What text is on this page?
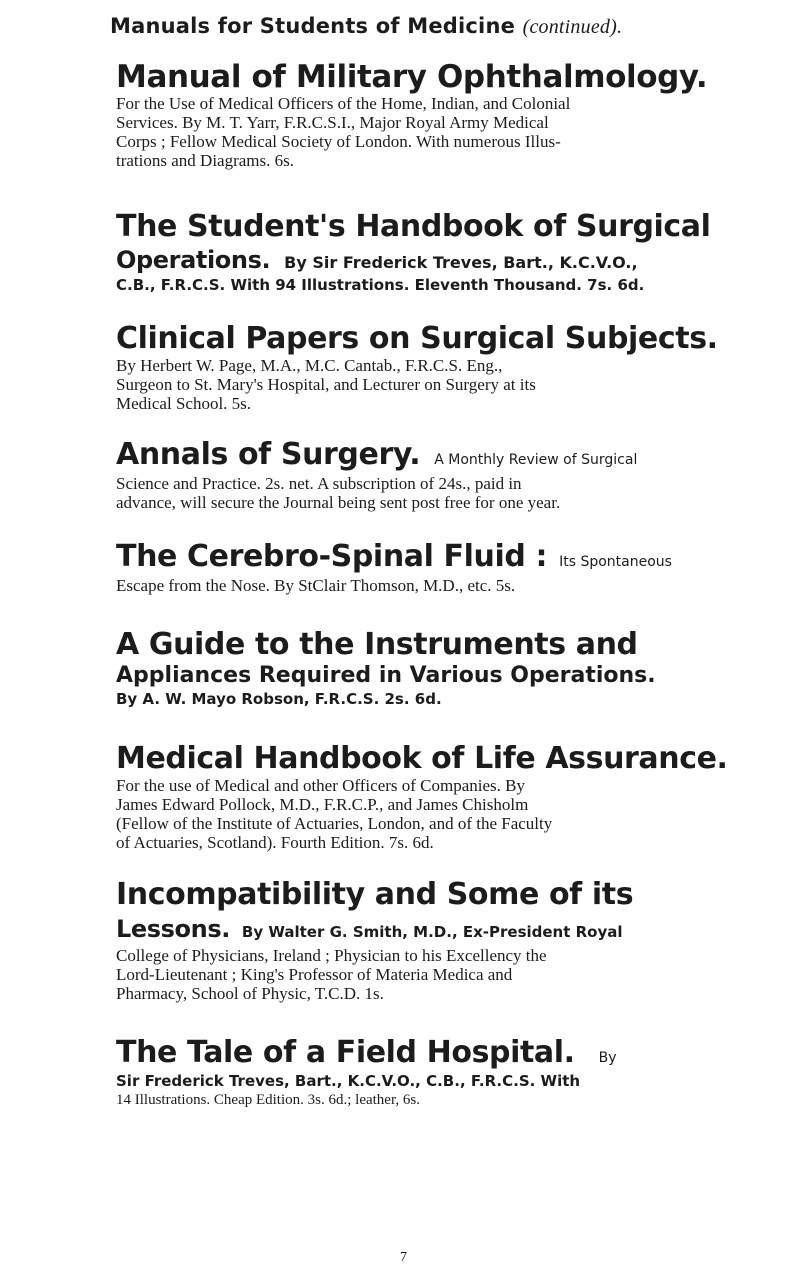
Manuals for Students of Medicine (continued).

Manual of Military Ophthalmology.

For the Use of Medical Officers of the Home, Indian, and Colonial

Services. By M. T. Yarr, F.R.C.S.I., Major Royal Army Medical

Corps ; Fellow Medical Society of London. With numerous Illus-

trations and Diagrams. 6s.

The Student's Handbook of Surgical

Operations. By Sir Frederick Treves, Bart., K.C.V.O.,

C.B., F.R.C.S. With 94 Illustrations. Eleventh Thousand. 7s. 6d.

Clinical Papers on Surgical Subjects.

By Herbert W. Page, M.A., M.C. Cantab., F.R.C.S. Eng.,

Surgeon to St. Mary's Hospital, and Lecturer on Surgery at its

Medical School. 5s.

Annals of Surgery. A Monthly Review of Surgical

Science and Practice. 2s. net. A subscription of 24s., paid in

advance, will secure the Journal being sent post free for one year.

The Cerebro-Spinal Fluid : Its Spontaneous

Escape from the Nose. By StClair Thomson, M.D., etc. 5s.

A Guide to the Instruments and

Appliances Required in Various Operations.

By A. W. Mayo Robson, F.R.C.S. 2s. 6d.

Medical Handbook of Life Assurance.

For the use of Medical and other Officers of Companies. By

James Edward Pollock, M.D., F.R.C.P., and James Chisholm

(Fellow of the Institute of Actuaries, London, and of the Faculty

of Actuaries, Scotland). Fourth Edition. 7s. 6d.

Incompatibility and Some of its

Lessons. By Walter G. Smith, M.D., Ex-President Royal

College of Physicians, Ireland ; Physician to his Excellency the

Lord-Lieutenant ; King's Professor of Materia Medica and

Pharmacy, School of Physic, T.C.D. 1s.

The Tale of a Field Hospital. By

Sir Frederick Treves, Bart., K.C.V.O., C.B., F.R.C.S. With

14 Illustrations. Cheap Edition. 3s. 6d.; leather, 6s.

7
